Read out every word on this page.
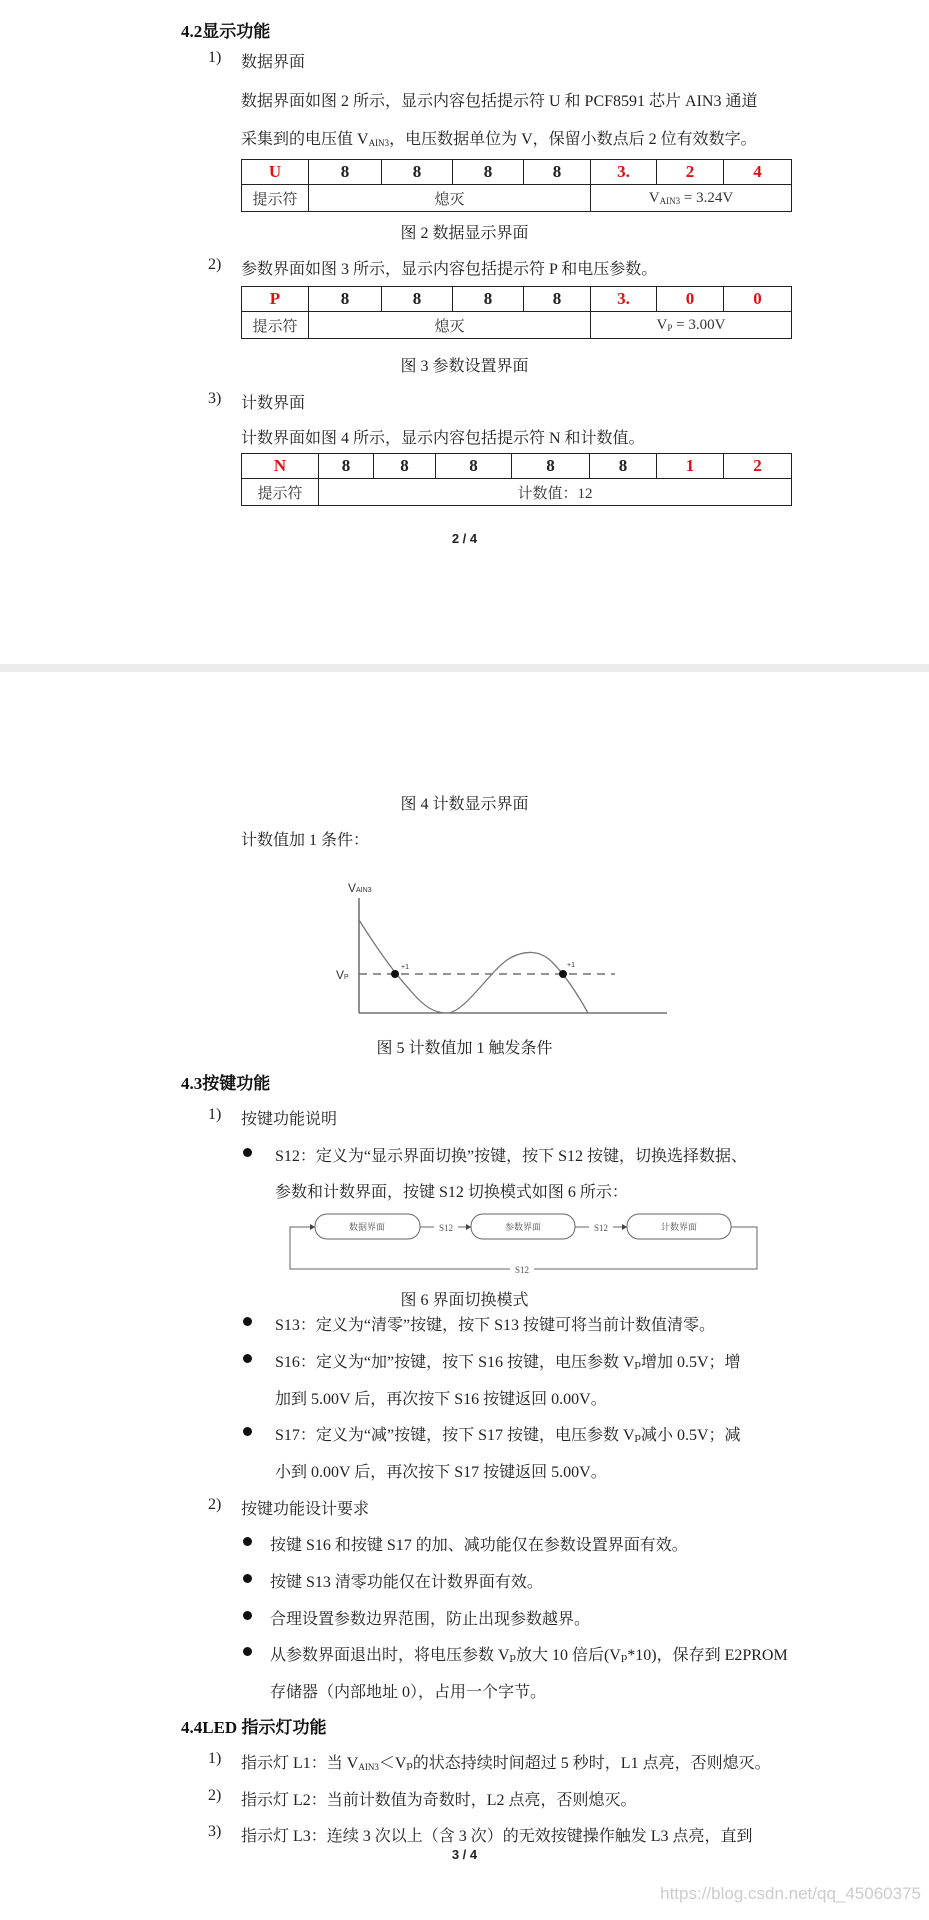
4.2显示功能
1) 数据界面
数据界面如图 2 所示，显示内容包括提示符 U 和 PCF8591 芯片 AIN3 通道
采集到的电压值 $V_{AIN3}$，电压数据单位为 V，保留小数点后 2 位有效数字。
U	8	8	8	8	3.	2	4
提示符	熄灭				$V_{AIN3} = 3.24V$		
图 2 数据显示界面
2) 参数界面如图 3 所示，显示内容包括提示符 P 和电压参数。
P	8	8	8	8	3.	0	0
提示符	熄灭				$V_P = 3.00V$		
图 3 参数设置界面
3) 计数界面
计数界面如图 4 所示，显示内容包括提示符 N 和计数值。
N	8	8	8	8	8	1	2
提示符	计数值：12						
2 / 4
图 4 计数显示界面
计数值加 1 条件：
VAIN3
VP
+1	+1
数据界面	参数界面	计数界面
S12	S12
S12
图 5 计数值加 1 触发条件
4.3按键功能
1) 按键功能说明
S12：定义为“显示界面切换”按键，按下 S12 按键，切换选择数据、
参数和计数界面，按键 S12 切换模式如图 6 所示：
图 6 界面切换模式
S13：定义为“清零”按键，按下 S13 按键可将当前计数值清零。
S16：定义为“加”按键，按下 S16 按键，电压参数 Vₚ增加 0.5V；增
加到 5.00V 后，再次按下 S16 按键返回 0.00V。
S17：定义为“减”按键，按下 S17 按键，电压参数 Vₚ减小 0.5V；减
小到 0.00V 后，再次按下 S17 按键返回 5.00V。
2) 按键功能设计要求
按键 S16 和按键 S17 的加、减功能仅在参数设置界面有效。
按键 S13 清零功能仅在计数界面有效。
合理设置参数边界范围，防止出现参数越界。
从参数界面退出时，将电压参数 Vₚ放大 10 倍后(Vₚ*10)，保存到 E2PROM
存储器（内部地址 0），占用一个字节。
4.4LED 指示灯功能
1) 指示灯 L1：当 $V_{AIN3}<V_p$的状态持续时间超过 5 秒时，L1 点亮，否则熄灭。
2) 指示灯 L2：当前计数值为奇数时，L2 点亮，否则熄灭。
3) 指示灯 L3：连续 3 次以上（含 3 次）的无效按键操作触发 L3 点亮，直到
3 / 4
https://blog.csdn.net/qq_45060375
